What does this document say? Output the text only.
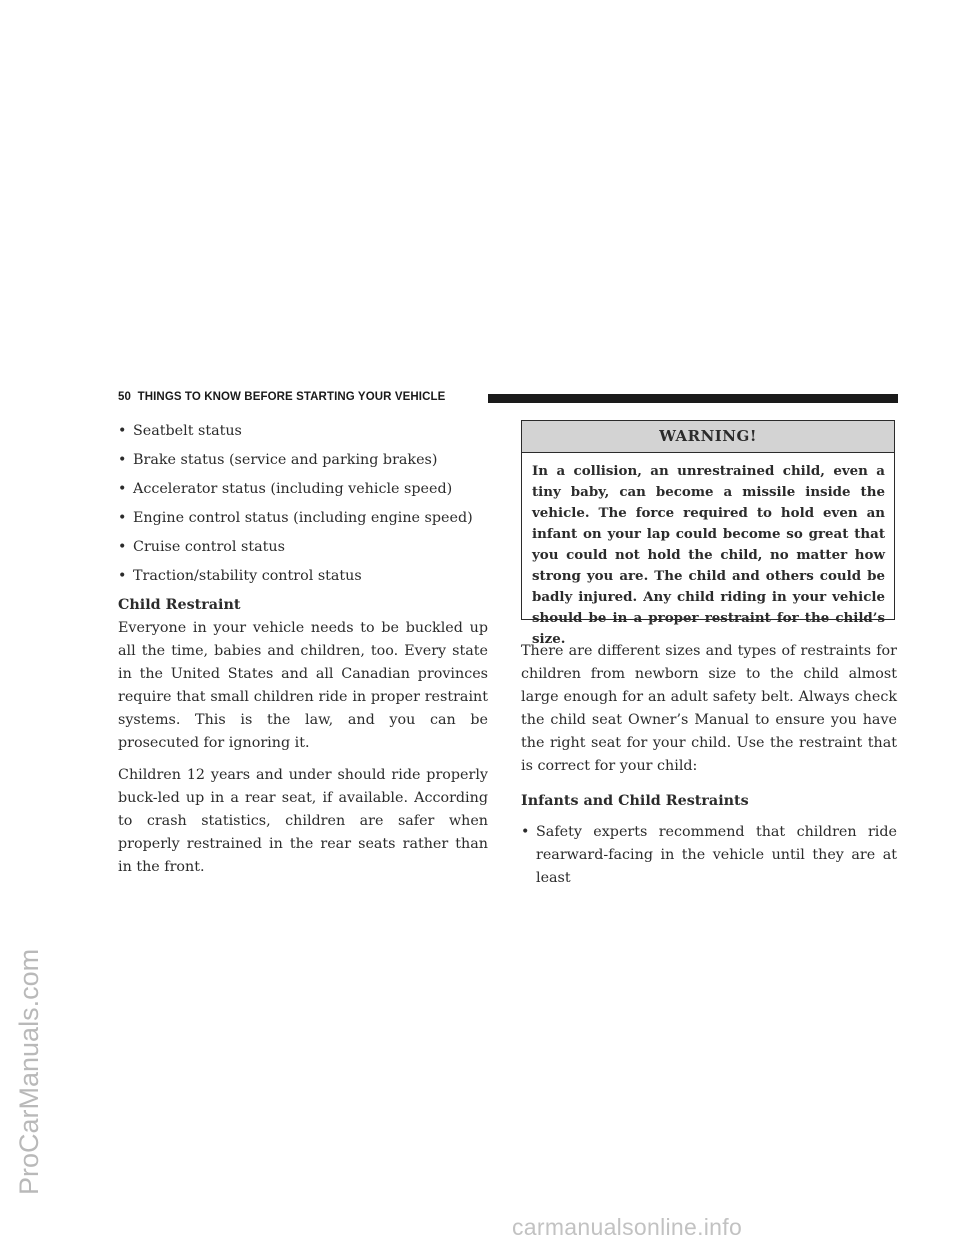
50 THINGS TO KNOW BEFORE STARTING YOUR VEHICLE
• Seatbelt status
• Brake status (service and parking brakes)
• Accelerator status (including vehicle speed)
• Engine control status (including engine speed)
• Cruise control status
• Traction/stability control status
Child Restraint

Everyone in your vehicle needs to be buckled up all the time, babies and children, too. Every state in the United States and all Canadian provinces require that small children ride in proper restraint systems. This is the law, and you can be prosecuted for ignoring it.

Children 12 years and under should ride properly buck-led up in a rear seat, if available. According to crash statistics, children are safer when properly restrained in the rear seats rather than in the front.

WARNING!
In a collision, an unrestrained child, even a tiny baby, can become a missile inside the vehicle. The force required to hold even an infant on your lap could become so great that you could not hold the child, no matter how strong you are. The child and others could be badly injured. Any child riding in your vehicle should be in a proper restraint for the child’s size.

There are different sizes and types of restraints for children from newborn size to the child almost large enough for an adult safety belt. Always check the child seat Owner’s Manual to ensure you have the right seat for your child. Use the restraint that is correct for your child:

Infants and Child Restraints
• Safety experts recommend that children ride rearward-facing in the vehicle until they are at least
ProCarManuals.com
carmanualsonline.info
